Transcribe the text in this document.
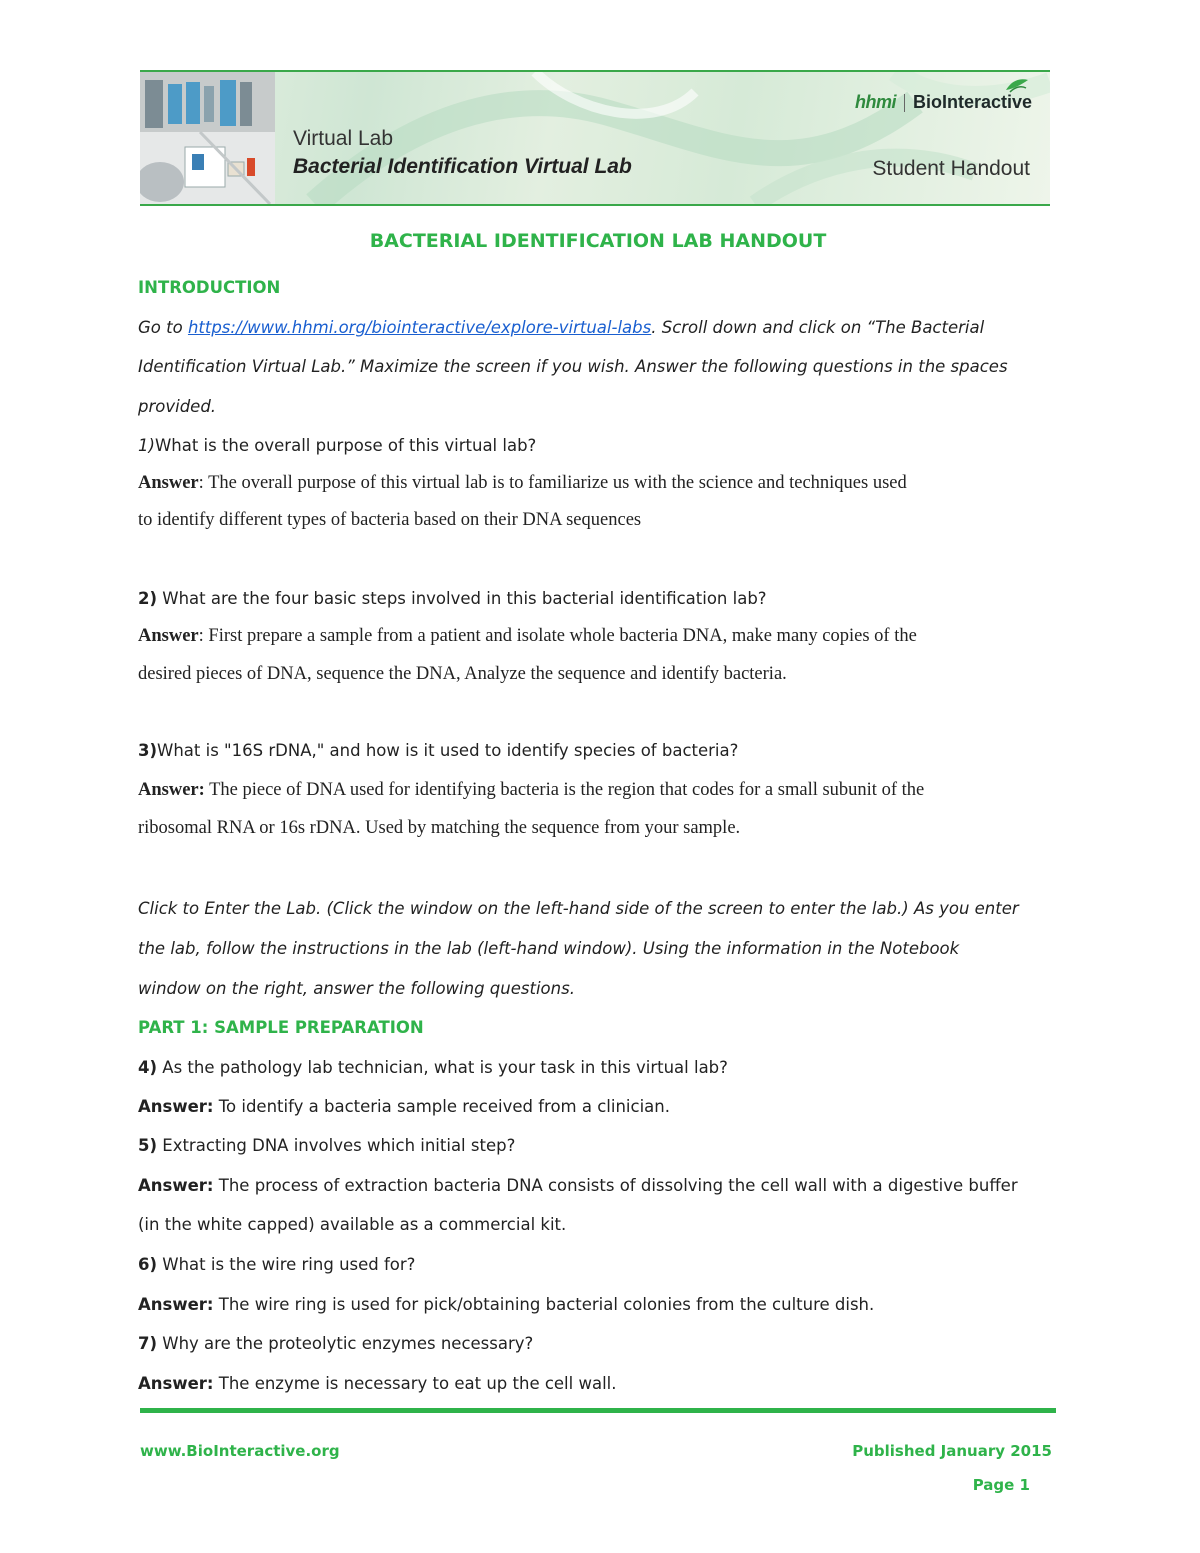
hhmi BioInteractive
Virtual Lab
Bacterial Identification Virtual Lab	Student Handout
BACTERIAL IDENTIFICATION LAB HANDOUT
INTRODUCTION
Go to https://www.hhmi.org/biointeractive/explore-virtual-labs. Scroll down and click on “The Bacterial
Identification Virtual Lab.” Maximize the screen if you wish. Answer the following questions in the spaces
provided.
1)What is the overall purpose of this virtual lab?
Answer: The overall purpose of this virtual lab is to familiarize us with the science and techniques used
to identify different types of bacteria based on their DNA sequences
2) What are the four basic steps involved in this bacterial identification lab?
Answer: First prepare a sample from a patient and isolate whole bacteria DNA, make many copies of the
desired pieces of DNA, sequence the DNA, Analyze the sequence and identify bacteria.
3)What is "16S rDNA," and how is it used to identify species of bacteria?
Answer: The piece of DNA used for identifying bacteria is the region that codes for a small subunit of the
ribosomal RNA or 16s rDNA. Used by matching the sequence from your sample.
Click to Enter the Lab. (Click the window on the left-hand side of the screen to enter the lab.) As you enter
the lab, follow the instructions in the lab (left-hand window). Using the information in the Notebook
window on the right, answer the following questions.
PART 1: SAMPLE PREPARATION
4) As the pathology lab technician, what is your task in this virtual lab?
Answer: To identify a bacteria sample received from a clinician.
5) Extracting DNA involves which initial step?
Answer: The process of extraction bacteria DNA consists of dissolving the cell wall with a digestive buffer
(in the white capped) available as a commercial kit.
6) What is the wire ring used for?
Answer: The wire ring is used for pick/obtaining bacterial colonies from the culture dish.
7) Why are the proteolytic enzymes necessary?
Answer: The enzyme is necessary to eat up the cell wall.
www.BioInteractive.org	Published January 2015
Page 1
